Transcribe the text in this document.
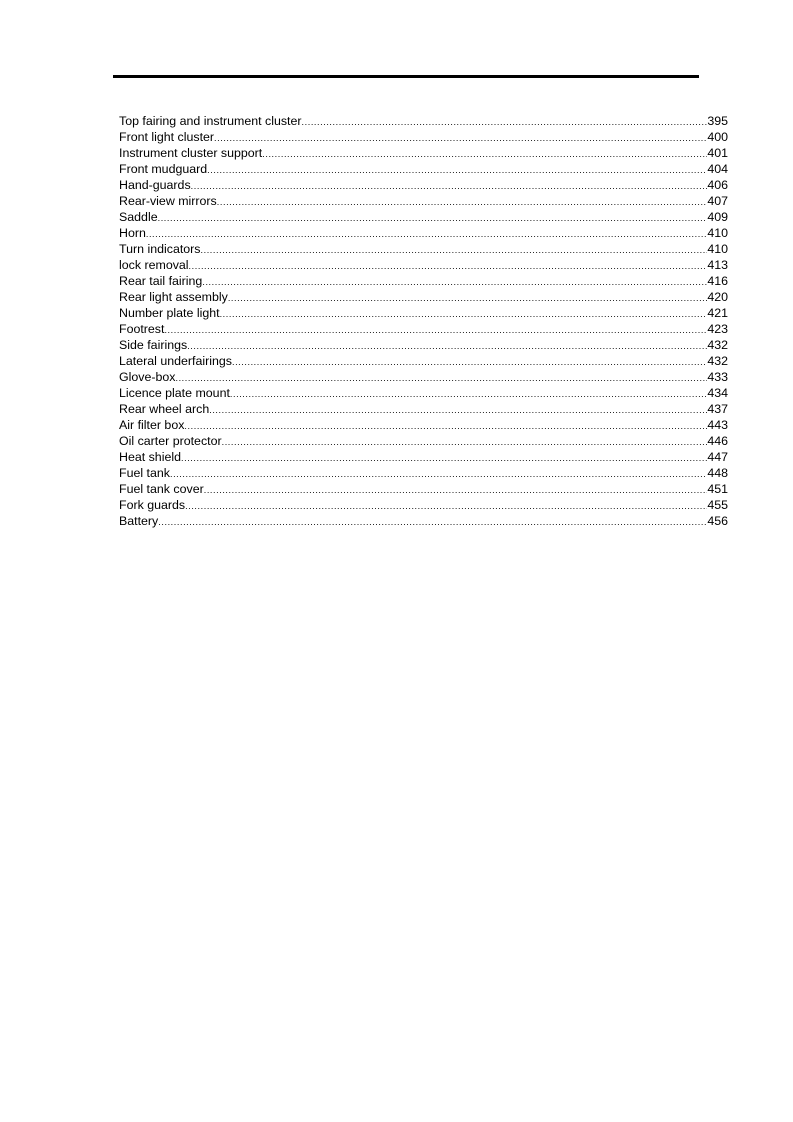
Top fairing and instrument cluster .....	395
Front light cluster .....	400
Instrument cluster support .....	401
Front mudguard .....	404
Hand-guards .....	406
Rear-view mirrors .....	407
Saddle .....	409
Horn .....	410
Turn indicators .....	410
lock removal .....	413
Rear tail fairing .....	416
Rear light assembly .....	420
Number plate light .....	421
Footrest .....	423
Side fairings .....	432
Lateral underfairings .....	432
Glove-box .....	433
Licence plate mount .....	434
Rear wheel arch .....	437
Air filter box .....	443
Oil carter protector .....	446
Heat shield .....	447
Fuel tank .....	448
Fuel tank cover .....	451
Fork guards .....	455
Battery .....	456
